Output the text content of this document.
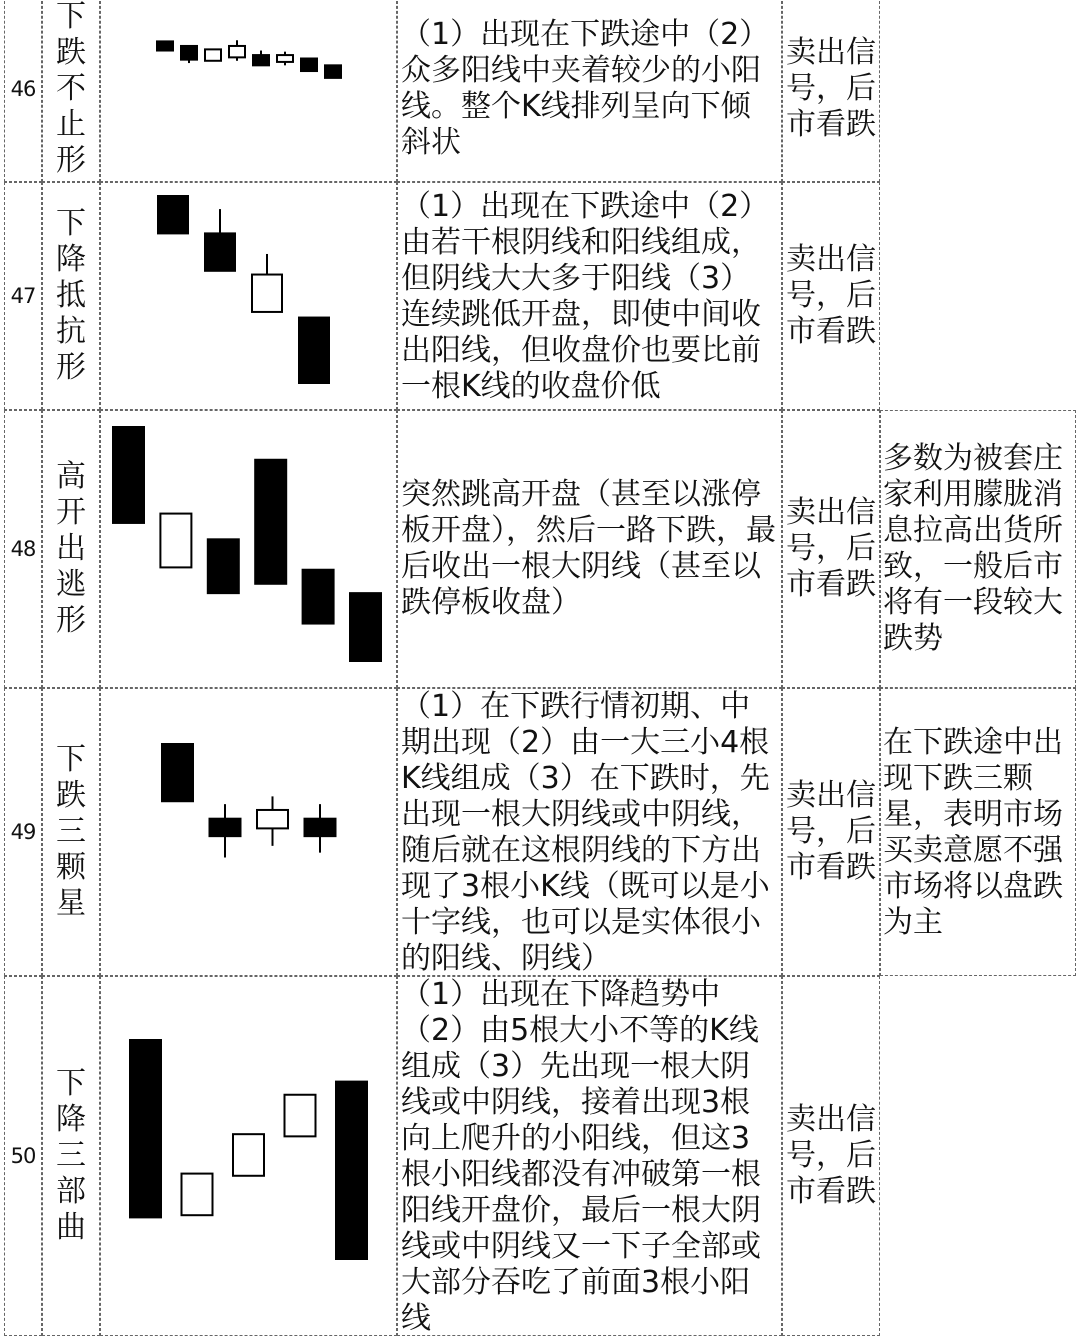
46
下跌不止形
（1）出现在下跌途中（2）众多阳线中夹着较少的小阳线。整个K线排列呈向下倾斜状
卖出信号，后市看跌
47
下降抵抗形
（1）出现在下跌途中（2）由若干根阴线和阳线组成，但阴线大大多于阳线（3）连续跳低开盘，即使中间收出阳线，但收盘价也要比前一根K线的收盘价低
卖出信号，后市看跌
48
高开出逃形
突然跳高开盘（甚至以涨停板开盘），然后一路下跌，最后收出一根大阴线（甚至以跌停板收盘）
卖出信号，后市看跌
多数为被套庄家利用朦胧消息拉高出货所致，一般后市将有一段较大跌势
49
下跌三颗星
（1）在下跌行情初期、中期出现（2）由一大三小4根K线组成（3）在下跌时，先出现一根大阴线或中阴线，随后就在这根阴线的下方出现了3根小K线（既可以是小十字线，也可以是实体很小的阳线、阴线）
卖出信号，后市看跌
在下跌途中出现下跌三颗星，表明市场买卖意愿不强市场将以盘跌为主
50
下降三部曲
（1）出现在下降趋势中（2）由5根大小不等的K线组成（3）先出现一根大阴线或中阴线，接着出现3根向上爬升的小阳线，但这3根小阳线都没有冲破第一根阳线开盘价，最后一根大阴线或中阴线又一下子全部或大部分吞吃了前面3根小阳线
卖出信号，后市看跌
